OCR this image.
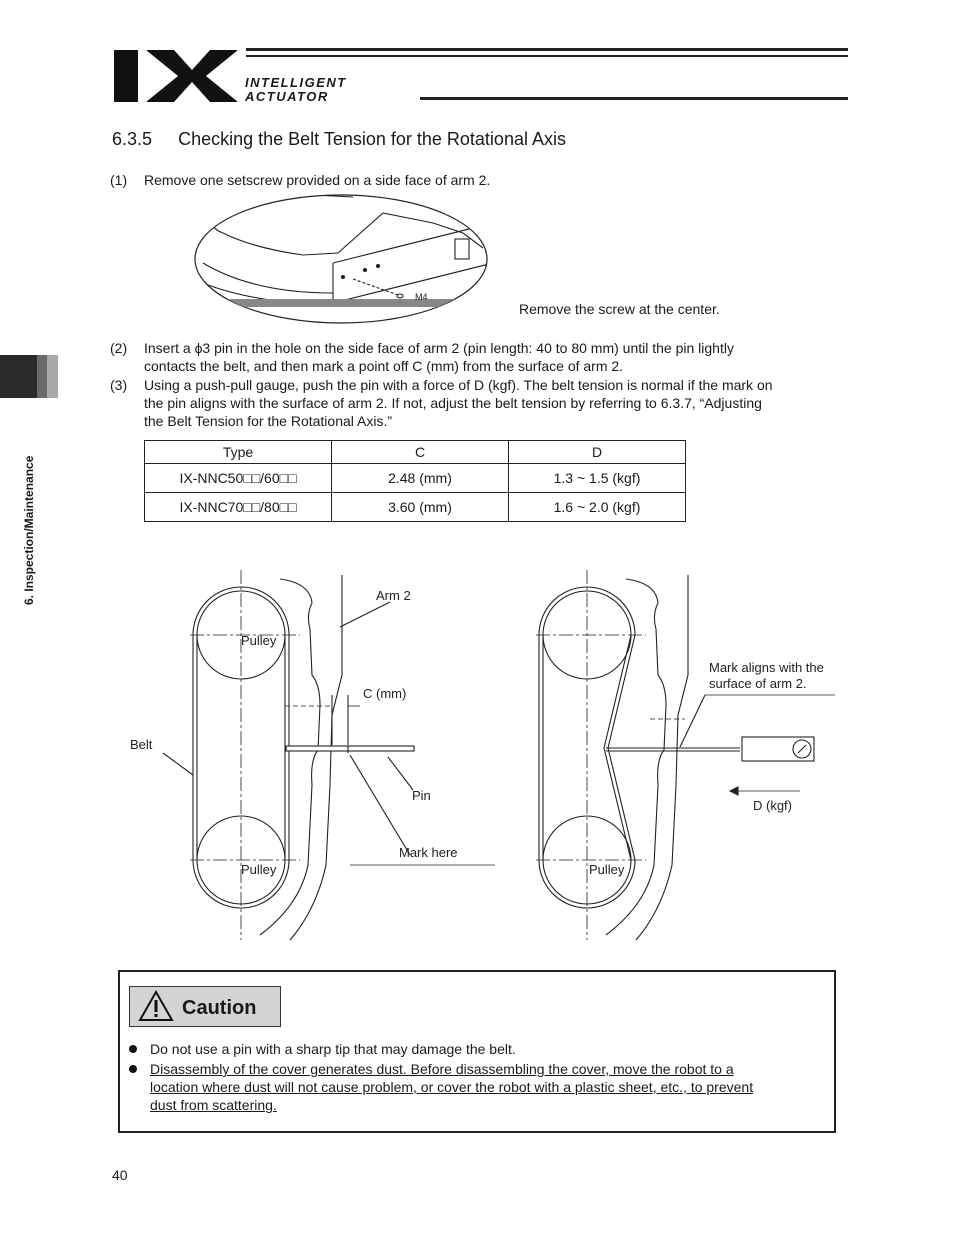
INTELLIGENT
ACTUATOR
6.3.5 Checking the Belt Tension for the Rotational Axis
(1)	Remove one setscrew provided on a side face of arm 2.
M4
Remove the screw at the center.
(2)	Insert a ϕ3 pin in the hole on the side face of arm 2 (pin length: 40 to 80 mm) until the pin lightly
contacts the belt, and then mark a point off C (mm) from the surface of arm 2.
(3)	Using a push-pull gauge, push the pin with a force of D (kgf). The belt tension is normal if the mark on
the pin aligns with the surface of arm 2. If not, adjust the belt tension by referring to 6.3.7, “Adjusting
the Belt Tension for the Rotational Axis.”
Type	C	D
IX-NNC50□□/60□□	2.48 (mm)	1.3 ~ 1.5 (kgf)
IX-NNC70□□/80□□	3.60 (mm)	1.6 ~ 2.0 (kgf)
Arm 2
Pulley
C (mm)
Belt
Pin
Mark here
Pulley
Mark aligns with the
surface of arm 2.
D (kgf)
Pulley
Caution
Do not use a pin with a sharp tip that may damage the belt.
Disassembly of the cover generates dust. Before disassembling the cover, move the robot to a
location where dust will not cause problem, or cover the robot with a plastic sheet, etc., to prevent
dust from scattering.
6. Inspection/Maintenance
40
